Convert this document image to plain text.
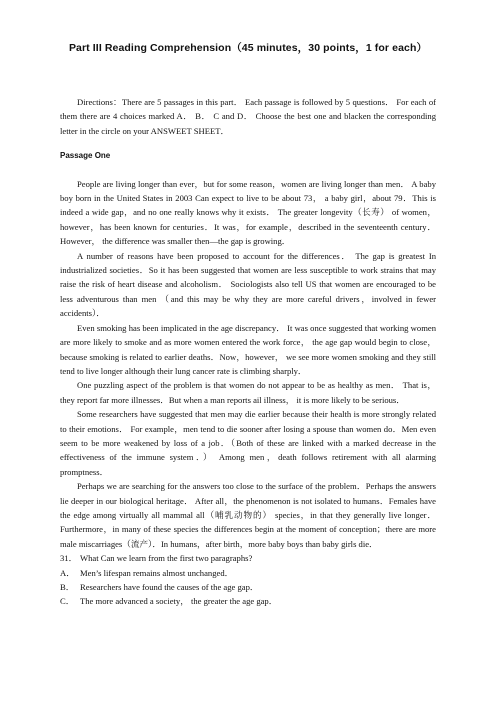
Part III Reading Comprehension（45 minutes，30 points，1 for each）

Directions：There are 5 passages in this part． Each passage is followed by 5 questions． For each of them there are 4 choices marked A． B． C and D． Choose the best one and blacken the corresponding letter in the circle on your ANSWEET SHEET．

Passage One

People are living longer than ever，but for some reason，women are living longer than men． A baby boy born in the United States in 2003 Can expect to live to be about 73， a baby girl，about 79．This is indeed a wide gap，and no one really knows why it exists． The greater longevity（长寿） of women，however，has been known for centuries．It was，for example，described in the seventeenth century． However， the difference was smaller then—the gap is growing．

A number of reasons have been proposed to account for the differences． The gap is greatest In industrialized societies．So it has been suggested that women are less susceptible to work strains that may raise the risk of heart disease and alcoholism． Sociologists also tell US that women are encouraged to be less adventurous than men （and this may be why they are more careful drivers，involved in fewer accidents）．

Even smoking has been implicated in the age discrepancy． It was once suggested that working women are more likely to smoke and as more women entered the work force， the age gap would begin to close，because smoking is related to earlier deaths．Now，however， we see more women smoking and they still tend to live longer although their lung cancer rate is climbing sharply．

One puzzling aspect of the problem is that women do not appear to be as healthy as men． That is，they report far more illnesses．But when a man reports ail illness， it is more likely to be serious．

Some researchers have suggested that men may die earlier because their health is more strongly related to their emotions． For example，men tend to die sooner after losing a spouse than women do．Men even seem to be more weakened by loss of a job．（Both of these are linked with a marked decrease in the effectiveness of the immune system．） Among men，death follows retirement with all alarming promptness．

Perhaps we are searching for the answers too close to the surface of the problem．Perhaps the answers lie deeper in our biological heritage． After all，the phenomenon is not isolated to humans．Females have the edge among virtually all mammal all（哺乳动物的） species，in that they generally live longer．Furthermore，in many of these species the differences begin at the moment of conception；there are more male miscarriages（流产）．In humans，after birth，more baby boys than baby girls die．

31． What Can we learn from the first two paragraphs?
A． Men’s lifespan remains almost unchanged．
B． Researchers have found the causes of the age gap．
C． The more advanced a society， the greater the age gap．
